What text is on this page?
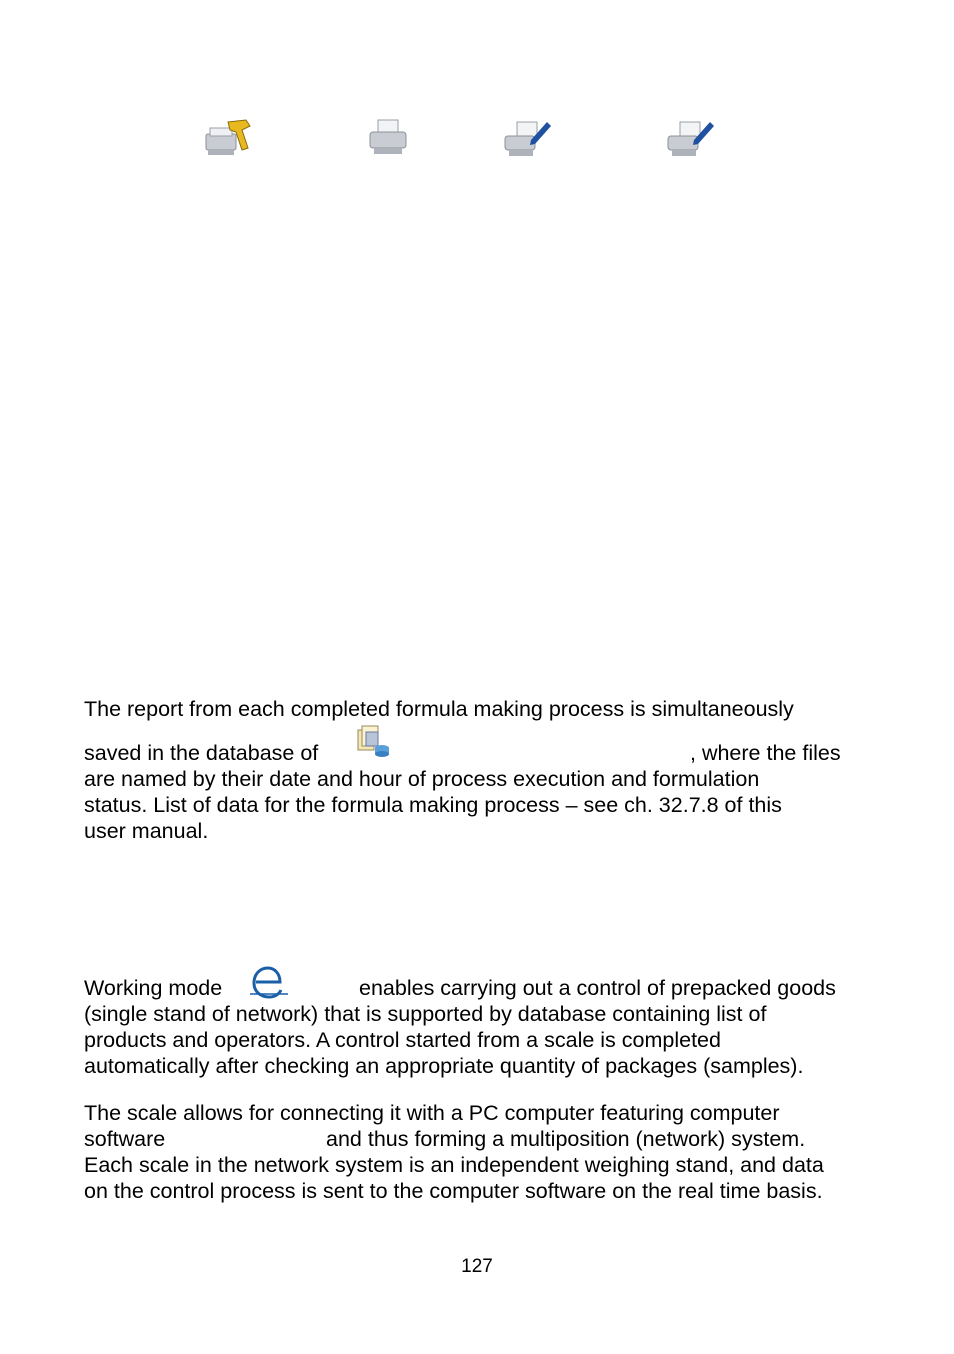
The report from each completed formula making process is simultaneously
saved in the database of	, where the files
are named by their date and hour of process execution and formulation
status. List of data for the formula making process – see ch. 32.7.8 of this
user manual.
Working mode	enables carrying out a control of prepacked goods
(single stand of network) that is supported by database containing list of
products and operators. A control started from a scale is completed
automatically after checking an appropriate quantity of packages (samples).
The scale allows for connecting it with a PC computer featuring computer
software	and thus forming a multiposition (network) system.
Each scale in the network system is an independent weighing stand, and data
on the control process is sent to the computer software on the real time basis.
127
